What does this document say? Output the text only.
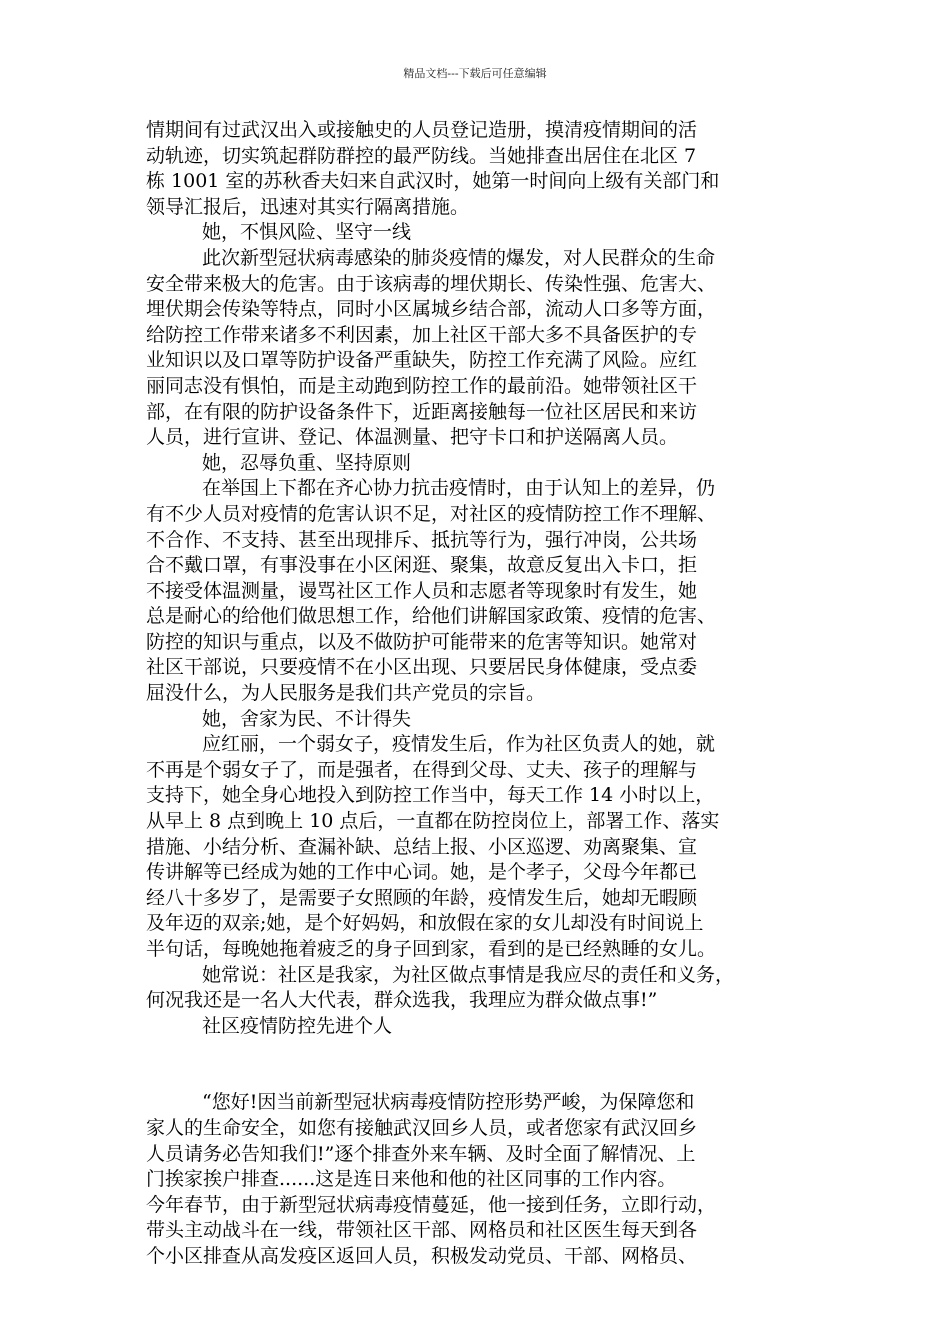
精品文档---下载后可任意编辑
情期间有过武汉出入或接触史的人员登记造册，摸清疫情期间的活
动轨迹，切实筑起群防群控的最严防线。当她排查出居住在北区 7
栋 1001 室的苏秋香夫妇来自武汉时，她第一时间向上级有关部门和
领导汇报后，迅速对其实行隔离措施。
她，不惧风险、坚守一线
此次新型冠状病毒感染的肺炎疫情的爆发，对人民群众的生命
安全带来极大的危害。由于该病毒的埋伏期长、传染性强、危害大、
埋伏期会传染等特点，同时小区属城乡结合部，流动人口多等方面，
给防控工作带来诸多不利因素，加上社区干部大多不具备医护的专
业知识以及口罩等防护设备严重缺失，防控工作充满了风险。应红
丽同志没有惧怕，而是主动跑到防控工作的最前沿。她带领社区干
部，在有限的防护设备条件下，近距离接触每一位社区居民和来访
人员，进行宣讲、登记、体温测量、把守卡口和护送隔离人员。
她，忍辱负重、坚持原则
在举国上下都在齐心协力抗击疫情时，由于认知上的差异，仍
有不少人员对疫情的危害认识不足，对社区的疫情防控工作不理解、
不合作、不支持、甚至出现排斥、抵抗等行为，强行冲岗，公共场
合不戴口罩，有事没事在小区闲逛、聚集，故意反复出入卡口，拒
不接受体温测量，谩骂社区工作人员和志愿者等现象时有发生，她
总是耐心的给他们做思想工作，给他们讲解国家政策、疫情的危害、
防控的知识与重点，以及不做防护可能带来的危害等知识。她常对
社区干部说，只要疫情不在小区出现、只要居民身体健康，受点委
屈没什么，为人民服务是我们共产党员的宗旨。
她，舍家为民、不计得失
应红丽，一个弱女子，疫情发生后，作为社区负责人的她，就
不再是个弱女子了，而是强者，在得到父母、丈夫、孩子的理解与
支持下，她全身心地投入到防控工作当中，每天工作 14 小时以上，
从早上 8 点到晚上 10 点后，一直都在防控岗位上，部署工作、落实
措施、小结分析、查漏补缺、总结上报、小区巡逻、劝离聚集、宣
传讲解等已经成为她的工作中心词。她，是个孝子，父母今年都已
经八十多岁了，是需要子女照顾的年龄，疫情发生后，她却无暇顾
及年迈的双亲;她，是个好妈妈，和放假在家的女儿却没有时间说上
半句话，每晚她拖着疲乏的身子回到家，看到的是已经熟睡的女儿。
她常说：社区是我家，为社区做点事情是我应尽的责任和义务，
何况我还是一名人大代表，群众选我，我理应为群众做点事!”
社区疫情防控先进个人
“您好!因当前新型冠状病毒疫情防控形势严峻，为保障您和
家人的生命安全，如您有接触武汉回乡人员，或者您家有武汉回乡
人员请务必告知我们!”逐个排查外来车辆、及时全面了解情况、上
门挨家挨户排查......这是连日来他和他的社区同事的工作内容。
今年春节，由于新型冠状病毒疫情蔓延，他一接到任务，立即行动，
带头主动战斗在一线，带领社区干部、网格员和社区医生每天到各
个小区排查从高发疫区返回人员，积极发动党员、干部、网格员、
